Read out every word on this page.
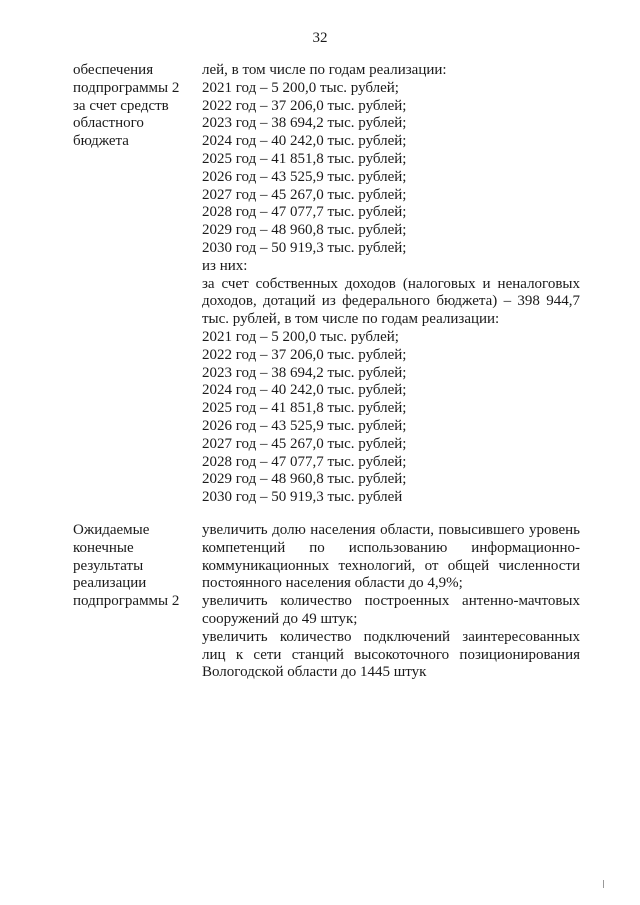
32
обеспечения
подпрограммы 2
за счет средств
областного
бюджета
лей, в том числе по годам реализации:
2021 год – 5 200,0 тыс. рублей;
2022 год – 37 206,0 тыс. рублей;
2023 год – 38 694,2 тыс. рублей;
2024 год – 40 242,0 тыс. рублей;
2025 год – 41 851,8 тыс. рублей;
2026 год – 43 525,9 тыс. рублей;
2027 год – 45 267,0 тыс. рублей;
2028 год – 47 077,7 тыс. рублей;
2029 год – 48 960,8 тыс. рублей;
2030 год – 50 919,3 тыс. рублей;
из них:
за счет собственных доходов (налоговых и неналоговых доходов, дотаций из федерального бюджета) – 398 944,7 тыс. рублей, в том числе по годам реализации:
2021 год – 5 200,0 тыс. рублей;
2022 год – 37 206,0 тыс. рублей;
2023 год – 38 694,2 тыс. рублей;
2024 год – 40 242,0 тыс. рублей;
2025 год – 41 851,8 тыс. рублей;
2026 год – 43 525,9 тыс. рублей;
2027 год – 45 267,0 тыс. рублей;
2028 год – 47 077,7 тыс. рублей;
2029 год – 48 960,8 тыс. рублей;
2030 год – 50 919,3 тыс. рублей
Ожидаемые
конечные
результаты
реализации
подпрограммы 2
увеличить долю населения области, повысившего уровень компетенций по использованию информационно-коммуникационных технологий, от общей численности постоянного населения области до 4,9%;
увеличить количество построенных антенно-мачтовых сооружений до 49 штук;
увеличить количество подключений заинтересованных лиц к сети станций высокоточного позиционирования Вологодской области до 1445 штук
